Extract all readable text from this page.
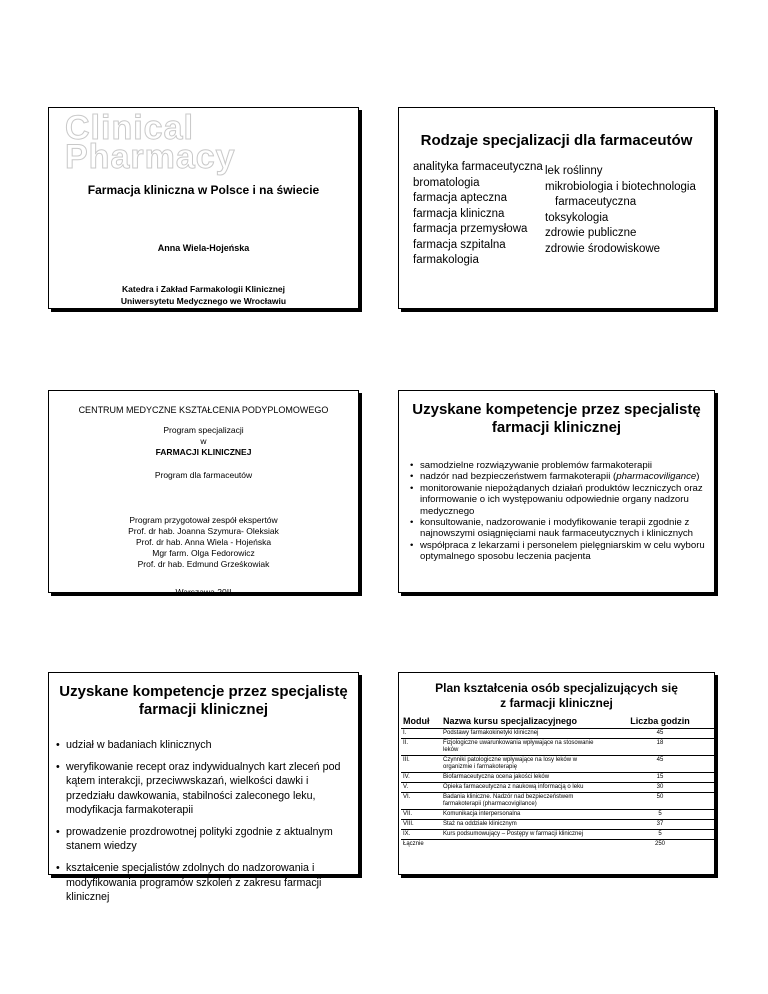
Clinical Pharmacy
Farmacja kliniczna w Polsce i na świecie
Anna Wiela-Hojeńska
Katedra i Zakład Farmakologii Klinicznej
Uniwersytetu Medycznego we Wrocławiu
Rodzaje specjalizacji dla farmaceutów
analityka farmaceutyczna
bromatologia
farmacja apteczna
farmacja kliniczna
farmacja przemysłowa
farmacja szpitalna
farmakologia
lek roślinny
mikrobiologia i biotechnologia farmaceutyczna
toksykologia
zdrowie publiczne
zdrowie środowiskowe
CENTRUM MEDYCZNE KSZTAŁCENIA PODYPLOMOWEGO
Program specjalizacji
w
FARMACJI KLINICZNEJ
Program dla farmaceutów
Program przygotował zespół ekspertów
Prof. dr hab. Joanna Szymura- Oleksiak
Prof. dr hab. Anna Wiela - Hojeńska
Mgr farm. Olga Fedorowicz
Prof. dr hab. Edmund Grześkowiak
Warszawa 20II
Uzyskane kompetencje przez specjalistę
farmacji klinicznej
• samodzielne rozwiązywanie problemów farmakoterapii
• nadzór nad bezpieczeństwem farmakoterapii (pharmacoviligance)
• monitorowanie niepożądanych działań produktów leczniczych oraz informowanie o ich występowaniu odpowiednie organy nadzoru medycznego
• konsultowanie, nadzorowanie i modyfikowanie terapii zgodnie z najnowszymi osiągnięciami nauk farmaceutycznych i klinicznych
• współpraca z lekarzami i personelem pielęgniarskim w celu wyboru optymalnego sposobu leczenia pacjenta
Uzyskane kompetencje przez specjalistę
farmacji klinicznej
• udział w badaniach klinicznych
• weryfikowanie recept oraz indywidualnych kart zleceń pod kątem interakcji, przeciwwskazań, wielkości dawki i przedziału dawkowania, stabilności zaleconego leku, modyfikacja farmakoterapii
• prowadzenie prozdrowotnej polityki zgodnie z aktualnym stanem wiedzy
• kształcenie specjalistów zdolnych do nadzorowania i modyfikowania programów szkoleń z zakresu farmacji klinicznej
Plan kształcenia osób specjalizujących się
z farmacji klinicznej
Moduł	Nazwa kursu specjalizacyjnego	Liczba godzin
I.	Podstawy farmakokinetyki klinicznej	45
II.	Fizjologiczne uwarunkowania wpływające na stosowanie leków	18
III.	Czynniki patologiczne wpływające na losy leków w organizmie i farmakoterapię	45
IV.	Biofarmaceutyczna ocena jakości leków	15
V.	Opieka farmaceutyczna z naukową informacją o leku	30
VI.	Badania kliniczne. Nadzór nad bezpieczeństwem farmakoterapii (pharmacovigilance)	50
VII.	Komunikacja interpersonalna	5
VIII.	Staż na oddziale klinicznym	37
IX.	Kurs podsumowujący – Postępy w farmacji klinicznej	5
Łącznie		250
